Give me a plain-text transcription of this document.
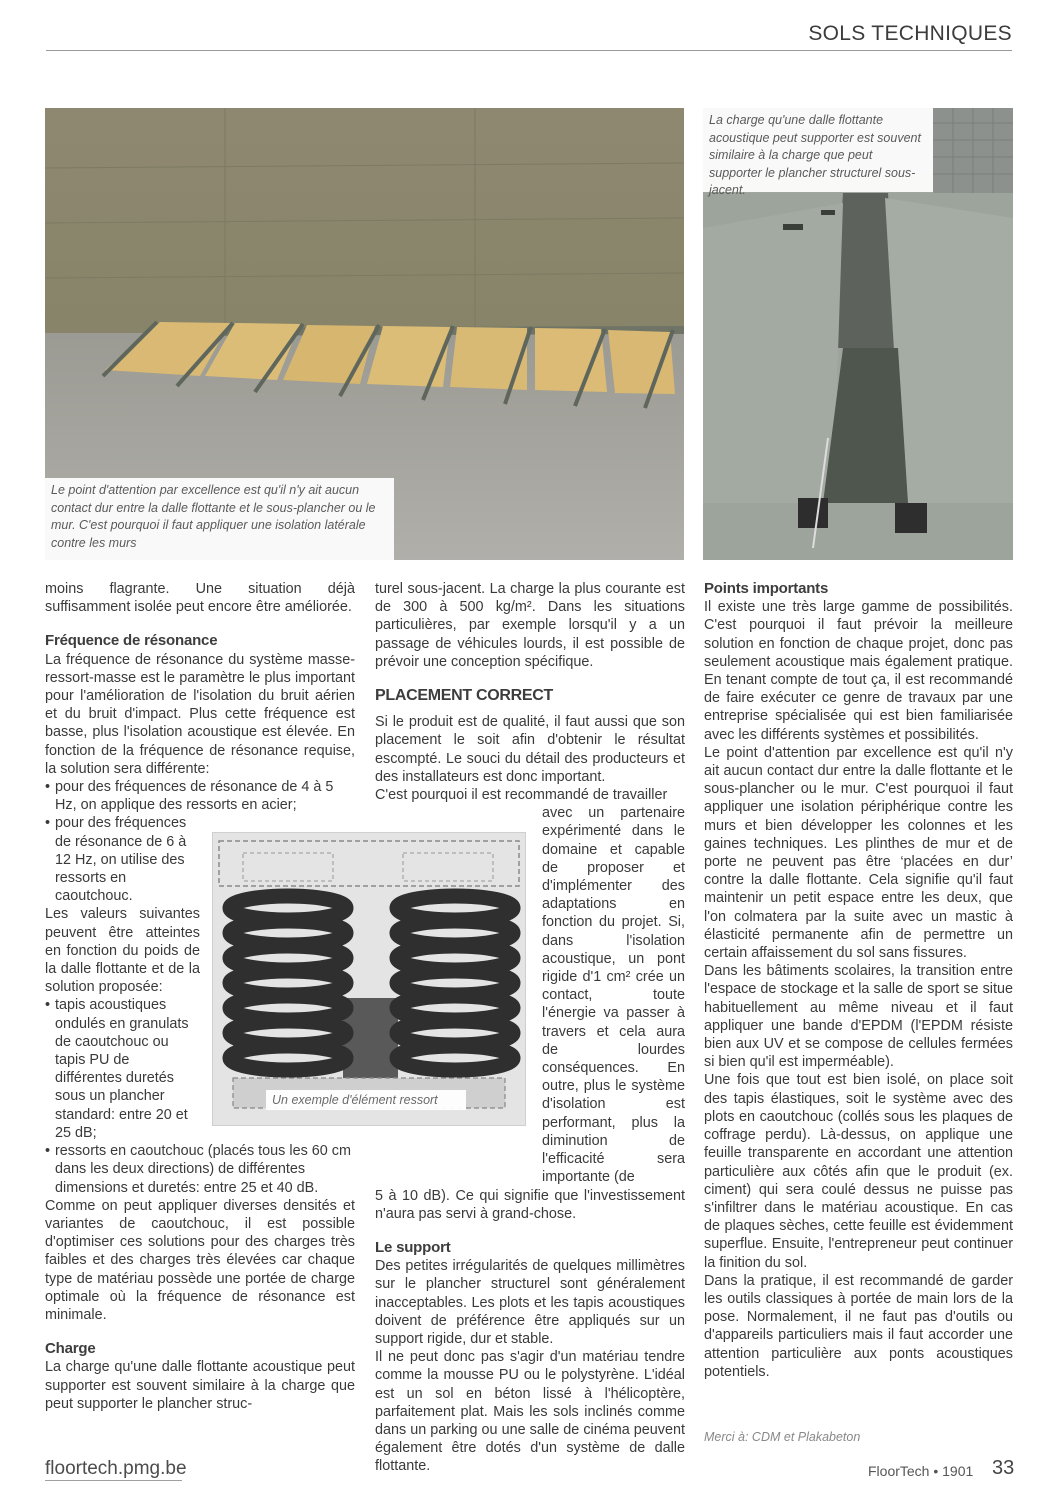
SOLS TECHNIQUES
Le point d'attention par excellence est qu'il n'y ait aucun contact dur entre la dalle flottante et le sous-plancher ou le mur. C'est pourquoi il faut appliquer une isolation latérale contre les murs
La charge qu'une dalle flottante acoustique peut supporter est souvent similaire à la charge que peut supporter le plancher structurel sous-jacent.

moins flagrante. Une situation déjà suffisamment isolée peut encore être améliorée.

Fréquence de résonance

La fréquence de résonance du système masse-ressort-masse est le paramètre le plus important pour l'amélioration de l'isolation du bruit aérien et du bruit d'impact. Plus cette fréquence est basse, plus l'isolation acoustique est élevée. En fonction de la fréquence de résonance requise, la solution sera différente:

• pour des fréquences de résonance de 4 à 5 Hz, on applique des ressorts en acier;
• pour des fréquences de résonance de 6 à 12 Hz, on utilise des ressorts en caoutchouc.

Les valeurs suivantes peuvent être atteintes en fonction du poids de la dalle flottante et de la solution proposée:

• tapis acoustiques ondulés en granulats de caoutchouc ou tapis PU de différentes duretés sous un plancher standard: entre 20 et 25 dB;
• ressorts en caoutchouc (placés tous les 60 cm dans les deux directions) de différentes dimensions et duretés: entre 25 et 40 dB.

Comme on peut appliquer diverses densités et variantes de caoutchouc, il est possible d'optimiser ces solutions pour des charges très faibles et des charges très élevées car chaque type de matériau possède une portée de charge optimale où la fréquence de résonance est minimale.

Charge

La charge qu'une dalle flottante acoustique peut supporter est souvent similaire à la charge que peut supporter le plancher struc-

turel sous-jacent. La charge la plus courante est de 300 à 500 kg/m². Dans les situations particulières, par exemple lorsqu'il y a un passage de véhicules lourds, il est possible de prévoir une conception spécifique.

PLACEMENT CORRECT

Si le produit est de qualité, il faut aussi que son placement le soit afin d'obtenir le résultat escompté. Le souci du détail des producteurs et des installateurs est donc important.

C'est pourquoi il est recommandé de travailler

avec un partenaire expérimenté dans le domaine et capable de proposer et d'implémenter des adaptations en fonction du projet. Si, dans l'isolation acoustique, un pont rigide d'1 cm² crée un contact, toute l'énergie va passer à travers et cela aura de lourdes conséquences. En outre, plus le système d'isolation est performant, plus la diminution de l'efficacité sera importante (de

5 à 10 dB). Ce qui signifie que l'investissement n'aura pas servi à grand-chose.

Le support

Des petites irrégularités de quelques millimètres sur le plancher structurel sont généralement inacceptables. Les plots et les tapis acoustiques doivent de préférence être appliqués sur un support rigide, dur et stable.

Il ne peut donc pas s'agir d'un matériau tendre comme la mousse PU ou le polystyrène. L'idéal est un sol en béton lissé à l'hélicoptère, parfaitement plat. Mais les sols inclinés comme dans un parking ou une salle de cinéma peuvent également être dotés d'un système de dalle flottante.

Un exemple d'élément ressort
Points importants

Il existe une très large gamme de possibilités. C'est pourquoi il faut prévoir la meilleure solution en fonction de chaque projet, donc pas seulement acoustique mais également pratique. En tenant compte de tout ça, il est recommandé de faire exécuter ce genre de travaux par une entreprise spécialisée qui est bien familiarisée avec les différents systèmes et possibilités.

Le point d'attention par excellence est qu'il n'y ait aucun contact dur entre la dalle flottante et le sous-plancher ou le mur. C'est pourquoi il faut appliquer une isolation périphérique contre les murs et bien développer les colonnes et les gaines techniques. Les plinthes de mur et de porte ne peuvent pas être ‘placées en dur’ contre la dalle flottante. Cela signifie qu'il faut maintenir un petit espace entre les deux, que l'on colmatera par la suite avec un mastic à élasticité permanente afin de permettre un certain affaissement du sol sans fissures.

Dans les bâtiments scolaires, la transition entre l'espace de stockage et la salle de sport se situe habituellement au même niveau et il faut appliquer une bande d'EPDM (l'EPDM résiste bien aux UV et se compose de cellules fermées si bien qu'il est imperméable).

Une fois que tout est bien isolé, on place soit des tapis élastiques, soit le système avec des plots en caoutchouc (collés sous les plaques de coffrage perdu). Là-dessus, on applique une feuille transparente en accordant une attention particulière aux côtés afin que le produit (ex. ciment) qui sera coulé dessus ne puisse pas s'infiltrer dans le matériau acoustique. En cas de plaques sèches, cette feuille est évidemment superflue. Ensuite, l'entrepreneur peut continuer la finition du sol.

Dans la pratique, il est recommandé de garder les outils classiques à portée de main lors de la pose. Normalement, il ne faut pas d'outils ou d'appareils particuliers mais il faut accorder une attention particulière aux ponts acoustiques potentiels.

Merci à: CDM et Plakabeton
floortech.pmg.be	FloorTech • 1901 33
